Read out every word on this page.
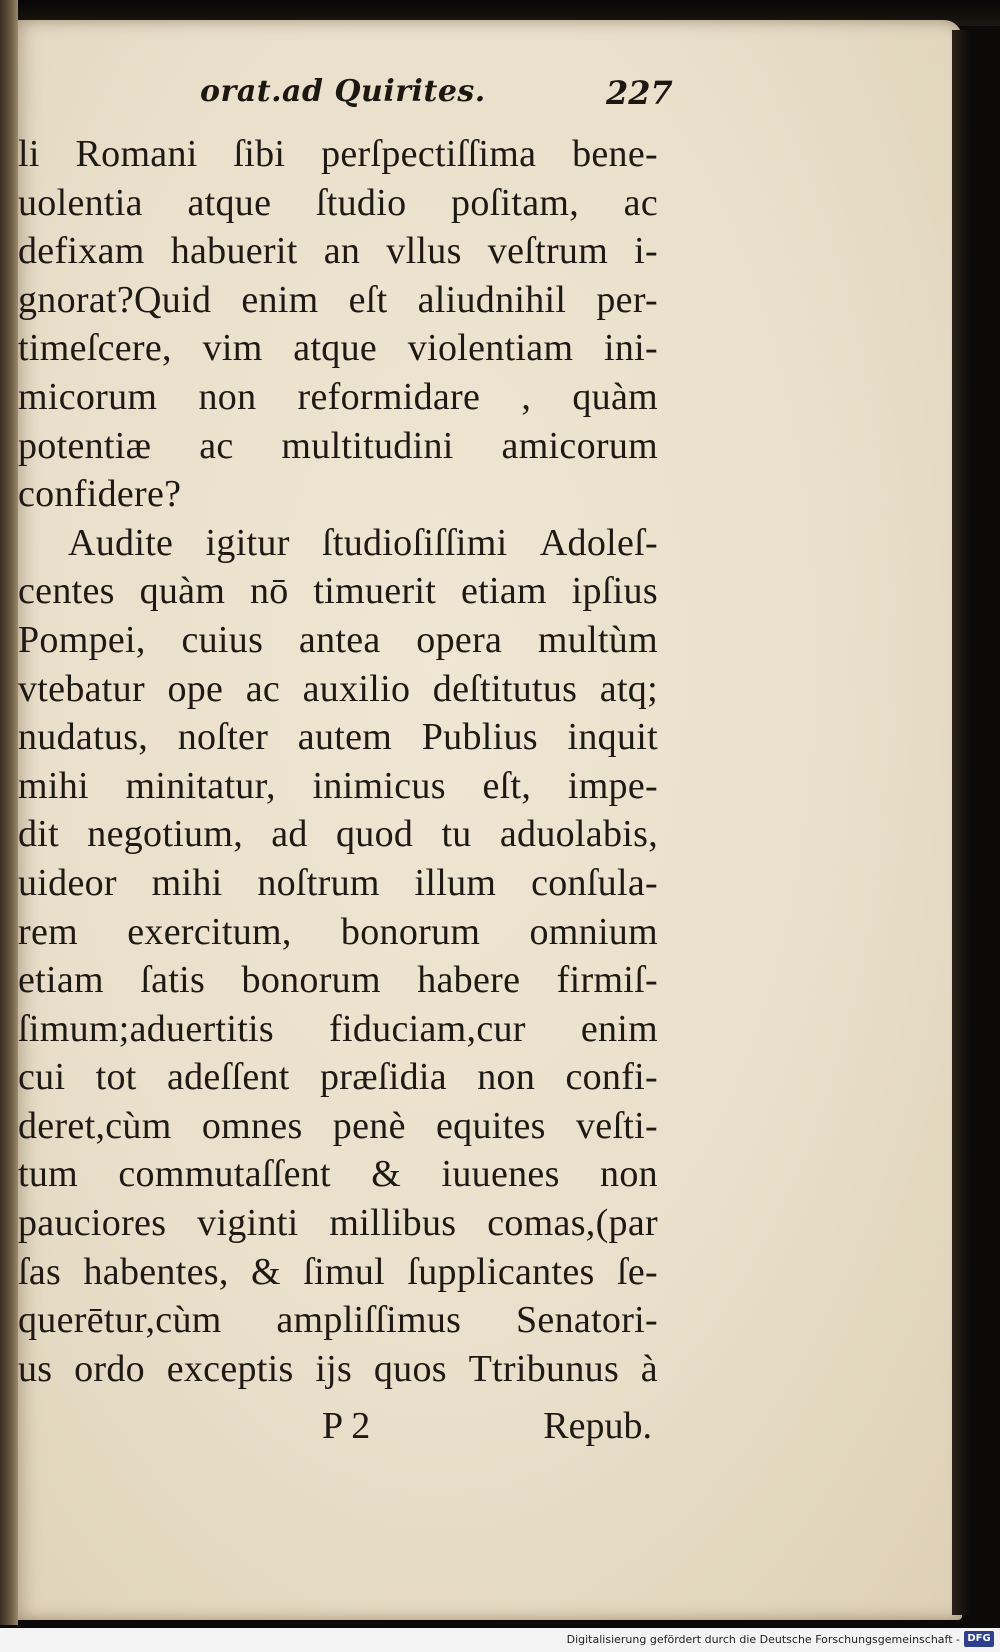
orat.ad Quirites.	227
li Romani ſibi perſpectiſſima bene-
uolentia atque ſtudio poſitam, ac
defixam habuerit an vllus veſtrum i-
gnorat?Quid enim eſt aliudnihil per-
timeſcere, vim atque violentiam ini-
micorum non reformidare , quàm
potentiæ ac multitudini amicorum
confidere?
Audite igitur ſtudioſiſſimi Adoleſ-
centes quàm nō timuerit etiam ipſius
Pompei, cuius antea opera multùm
vtebatur ope ac auxilio deſtitutus atq;
nudatus, noſter autem Publius inquit
mihi minitatur, inimicus eſt, impe-
dit negotium, ad quod tu aduolabis,
uideor mihi noſtrum illum conſula-
rem exercitum, bonorum omnium
etiam ſatis bonorum habere firmiſ-
ſimum;aduertitis fiduciam,cur enim
cui tot adeſſent præſidia non confi-
deret,cùm omnes penè equites veſti-
tum commutaſſent & iuuenes non
pauciores viginti millibus comas,(par
ſas habentes, & ſimul ſupplicantes ſe-
querētur,cùm ampliſſimus Senatori-
us ordo exceptis ijs quos Ttribunus à
P 2	Repub.
Digitalisierung gefördert durch die Deutsche Forschungsgemeinschaft - DFG
